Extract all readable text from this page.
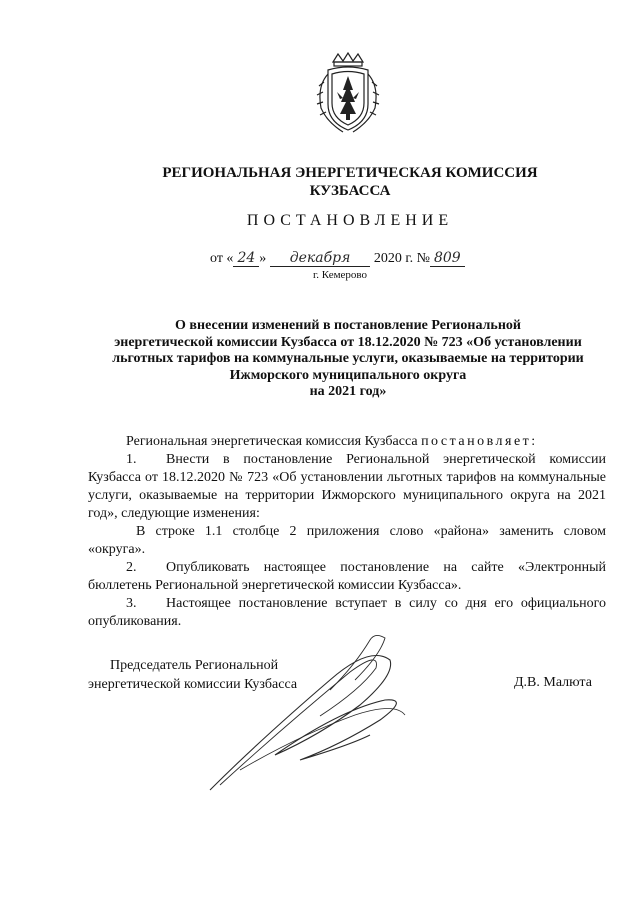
РЕГИОНАЛЬНАЯ ЭНЕРГЕТИЧЕСКАЯ КОМИССИЯ
КУЗБАССА
ПОСТАНОВЛЕНИЕ
от « 24 » декабря 2020 г. № 809
г. Кемерово
О внесении изменений в постановление Региональной
энергетической комиссии Кузбасса от 18.12.2020 № 723 «Об установлении
льготных тарифов на коммунальные услуги, оказываемые на территории
Ижморского муниципального округа
на 2021 год»

Региональная энергетическая комиссия Кузбасса постановляет:

1. Внести в постановление Региональной энергетической комиссии Кузбасса от 18.12.2020 № 723 «Об установлении льготных тарифов на коммунальные услуги, оказываемые на территории Ижморского муниципального округа на 2021 год», следующие изменения:

В строке 1.1 столбце 2 приложения слово «района» заменить словом «округа».

2. Опубликовать настоящее постановление на сайте «Электронный бюллетень Региональной энергетической комиссии Кузбасса».

3. Настоящее постановление вступает в силу со дня его официального опубликования.

Председатель Региональной
энергетической комиссии Кузбасса	Д.В. Малюта
